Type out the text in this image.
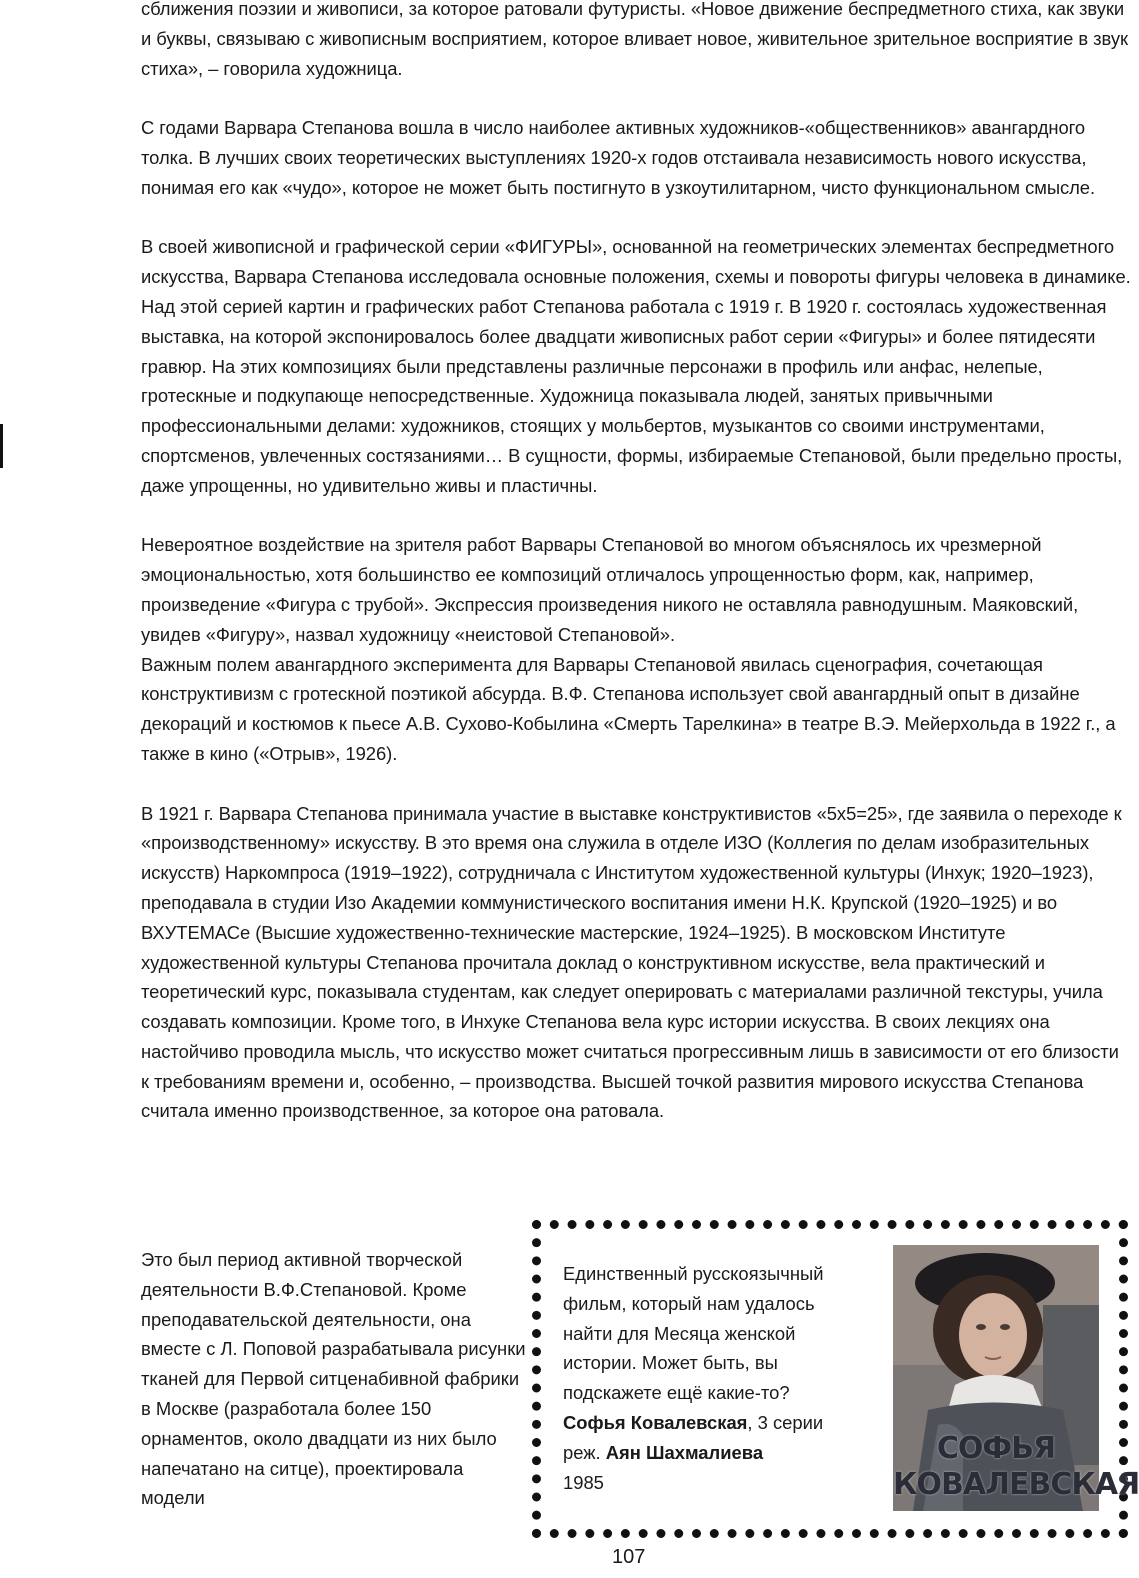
сближения поэзии и живописи, за которое ратовали футуристы. «Новое движение беспредметного стиха, как звуки и буквы, связываю с живописным восприятием, которое вливает новое, живительное зрительное восприятие в звук стиха», – говорила художница.

С годами Варвара Степанова вошла в число наиболее активных художников-«общественников» авангардного толка. В лучших своих теоретических выступлениях 1920-х годов отстаивала независимость нового искусства, понимая его как «чудо», которое не может быть постигнуто в узкоутилитарном, чисто функциональном смысле.

В своей живописной и графической серии «ФИГУРЫ», основанной на геометрических элементах беспредметного искусства, Варвара Степанова исследовала основные положения, схемы и повороты фигуры человека в динамике. Над этой серией картин и графических работ Степанова работала с 1919 г. В 1920 г. состоялась художественная выставка, на которой экспонировалось более двадцати живописных работ серии «Фигуры» и более пятидесяти гравюр. На этих композициях были представлены различные персонажи в профиль или анфас, нелепые, гротескные и подкупающе непосредственные. Художница показывала людей, занятых привычными профессиональными делами: художников, стоящих у мольбертов, музыкантов со своими инструментами, спортсменов, увлеченных состязаниями… В сущности, формы, избираемые Степановой, были предельно просты, даже упрощенны, но удивительно живы и пластичны.

Невероятное воздействие на зрителя работ Варвары Степановой во многом объяснялось их чрезмерной эмоциональностью, хотя большинство ее композиций отличалось упрощенностью форм, как, например, произведение «Фигура с трубой». Экспрессия произведения никого не оставляла равнодушным. Маяковский, увидев «Фигуру», назвал художницу «неистовой Степановой».

Важным полем авангардного эксперимента для Варвары Степановой явилась сценография, сочетающая конструктивизм с гротескной поэтикой абсурда. В.Ф. Степанова использует свой авангардный опыт в дизайне декораций и костюмов к пьесе А.В. Сухово-Кобылина «Смерть Тарелкина» в театре В.Э. Мейерхольда в 1922 г., а также в кино («Отрыв», 1926).

В 1921 г. Варвара Степанова принимала участие в выставке конструктивистов «5х5=25», где заявила о переходе к «производственному» искусству. В это время она служила в отделе ИЗО (Коллегия по делам изобразительных искусств) Наркомпроса (1919–1922), сотрудничала с Институтом художественной культуры (Инхук; 1920–1923), преподавала в студии Изо Академии коммунистического воспитания имени Н.К. Крупской (1920–1925) и во ВХУТЕМАСе (Высшие художественно-технические мастерские, 1924–1925). В московском Институте художественной культуры Степанова прочитала доклад о конструктивном искусстве, вела практический и теоретический курс, показывала студентам, как следует оперировать с материалами различной текстуры, учила создавать композиции. Кроме того, в Инхуке Степанова вела курс истории искусства. В своих лекциях она настойчиво проводила мысль, что искусство может считаться прогрессивным лишь в зависимости от его близости к требованиям времени и, особенно, – производства. Высшей точкой развития мирового искусства Степанова считала именно производственное, за которое она ратовала.

Это был период активной творческой деятельности В.Ф.Степановой. Кроме преподавательской деятельности, она вместе с Л. Поповой разрабатывала рисунки тканей для Первой ситценабивной фабрики в Москве (разработала более 150 орнаментов, около двадцати из них было напечатано на ситце), проектировала модели

Единственный русскоязычный
фильм, который нам удалось
найти для Месяца женской
истории. Может быть, вы
подскажете ещё какие-то?
Софья Ковалевская, 3 серии
реж. Аян Шахмалиева
1985
СОФЬЯ
КОВАЛЕВСКАЯ
107
